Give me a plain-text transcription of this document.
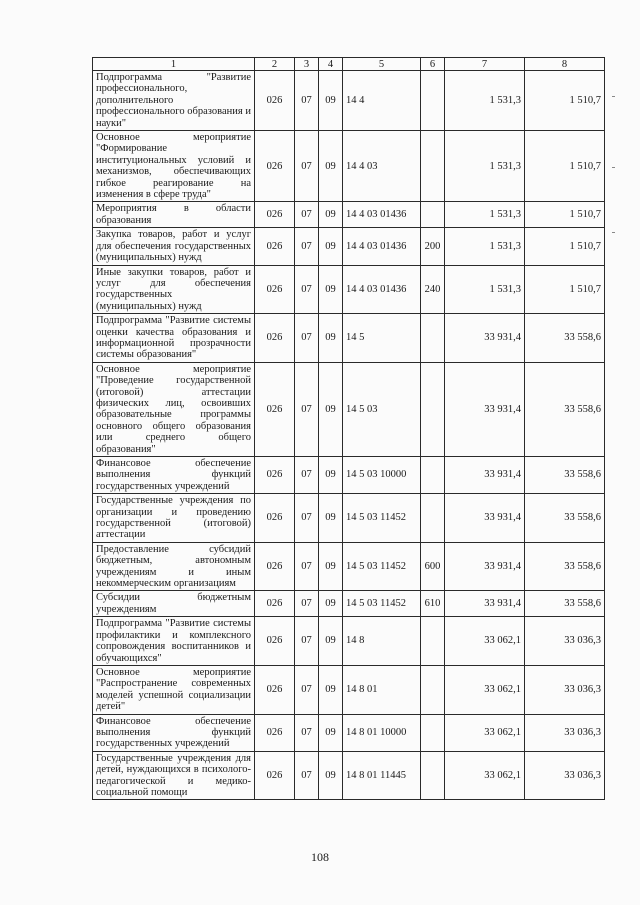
1	2	3	4	5	6	7	8
Подпрограмма "Развитие профессионального, дополнительного профессионального образования и науки"	026	07	09	14 4		1 531,3	1 510,7
Основное мероприятие "Формирование институциональных условий и механизмов, обеспечивающих гибкое реагирование на изменения в сфере труда"	026	07	09	14 4 03		1 531,3	1 510,7
Мероприятия в области образования	026	07	09	14 4 03 01436		1 531,3	1 510,7
Закупка товаров, работ и услуг для обеспечения государственных (муниципальных) нужд	026	07	09	14 4 03 01436	200	1 531,3	1 510,7
Иные закупки товаров, работ и услуг для обеспечения государственных (муниципальных) нужд	026	07	09	14 4 03 01436	240	1 531,3	1 510,7
Подпрограмма "Развитие системы оценки качества образования и информационной прозрачности системы образования"	026	07	09	14 5		33 931,4	33 558,6
Основное мероприятие "Проведение государственной (итоговой) аттестации физических лиц, освоивших образовательные программы основного общего образования или среднего общего образования"	026	07	09	14 5 03		33 931,4	33 558,6
Финансовое обеспечение выполнения функций государственных учреждений	026	07	09	14 5 03 10000		33 931,4	33 558,6
Государственные учреждения по организации и проведению государственной (итоговой) аттестации	026	07	09	14 5 03 11452		33 931,4	33 558,6
Предоставление субсидий бюджетным, автономным учреждениям и иным некоммерческим организациям	026	07	09	14 5 03 11452	600	33 931,4	33 558,6
Субсидии бюджетным учреждениям	026	07	09	14 5 03 11452	610	33 931,4	33 558,6
Подпрограмма "Развитие системы профилактики и комплексного сопровождения воспитанников и обучающихся"	026	07	09	14 8		33 062,1	33 036,3
Основное мероприятие "Распространение современных моделей успешной социализации детей"	026	07	09	14 8 01		33 062,1	33 036,3
Финансовое обеспечение выполнения функций государственных учреждений	026	07	09	14 8 01 10000		33 062,1	33 036,3
Государственные учреждения для детей, нуждающихся в психолого-педагогической и медико-социальной помощи	026	07	09	14 8 01 11445		33 062,1	33 036,3
108
